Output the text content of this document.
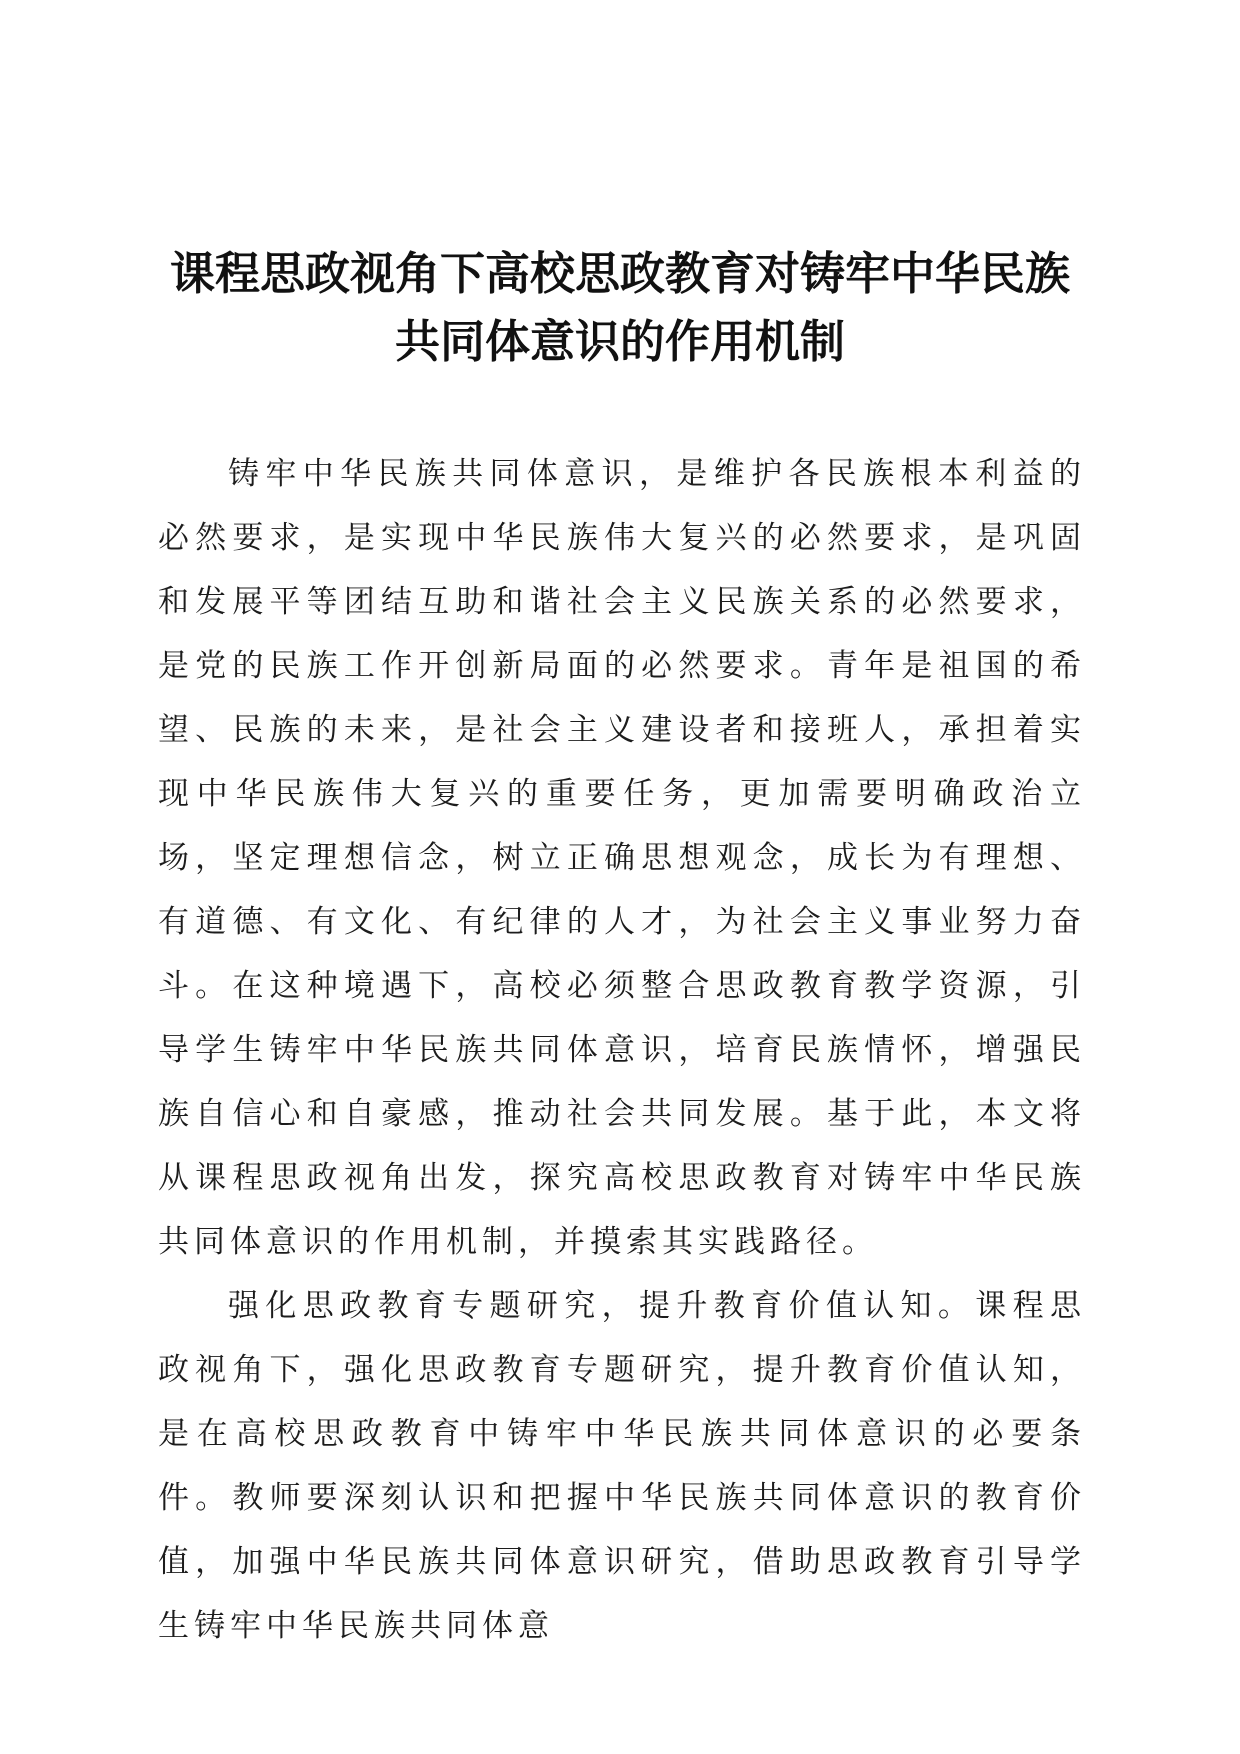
课程思政视角下高校思政教育对铸牢中华民族

共同体意识的作用机制

铸牢中华民族共同体意识，是维护各民族根本利益的必然要求，是实现中华民族伟大复兴的必然要求，是巩固和发展平等团结互助和谐社会主义民族关系的必然要求，是党的民族工作开创新局面的必然要求。青年是祖国的希望、民族的未来，是社会主义建设者和接班人，承担着实现中华民族伟大复兴的重要任务，更加需要明确政治立场，坚定理想信念，树立正确思想观念，成长为有理想、有道德、有文化、有纪律的人才，为社会主义事业努力奋斗。在这种境遇下，高校必须整合思政教育教学资源，引导学生铸牢中华民族共同体意识，培育民族情怀，增强民族自信心和自豪感，推动社会共同发展。基于此，本文将从课程思政视角出发，探究高校思政教育对铸牢中华民族共同体意识的作用机制，并摸索其实践路径。

强化思政教育专题研究，提升教育价值认知。课程思政视角下，强化思政教育专题研究，提升教育价值认知，是在高校思政教育中铸牢中华民族共同体意识的必要条件。教师要深刻认识和把握中华民族共同体意识的教育价值，加强中华民族共同体意识研究，借助思政教育引导学生铸牢中华民族共同体意
